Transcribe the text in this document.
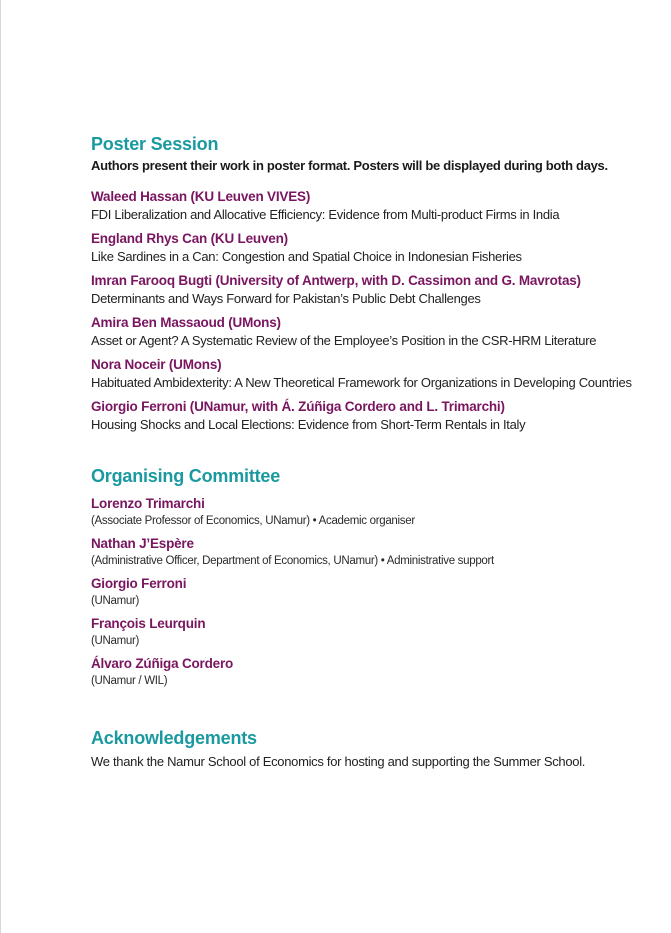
Poster Session
Authors present their work in poster format. Posters will be displayed during both days.
Waleed Hassan (KU Leuven VIVES)
FDI Liberalization and Allocative Efficiency: Evidence from Multi-product Firms in India
England Rhys Can (KU Leuven)
Like Sardines in a Can: Congestion and Spatial Choice in Indonesian Fisheries
Imran Farooq Bugti (University of Antwerp, with D. Cassimon and G. Mavrotas)
Determinants and Ways Forward for Pakistan’s Public Debt Challenges
Amira Ben Massaoud (UMons)
Asset or Agent? A Systematic Review of the Employee’s Position in the CSR-HRM Literature
Nora Noceir (UMons)
Habituated Ambidexterity: A New Theoretical Framework for Organizations in Developing Countries
Giorgio Ferroni (UNamur, with Á. Zúñiga Cordero and L. Trimarchi)
Housing Shocks and Local Elections: Evidence from Short-Term Rentals in Italy
Organising Committee
Lorenzo Trimarchi
(Associate Professor of Economics, UNamur) • Academic organiser
Nathan J’Espère
(Administrative Officer, Department of Economics, UNamur) • Administrative support
Giorgio Ferroni
(UNamur)
François Leurquin
(UNamur)
Álvaro Zúñiga Cordero
(UNamur / WIL)
Acknowledgements
We thank the Namur School of Economics for hosting and supporting the Summer School.
